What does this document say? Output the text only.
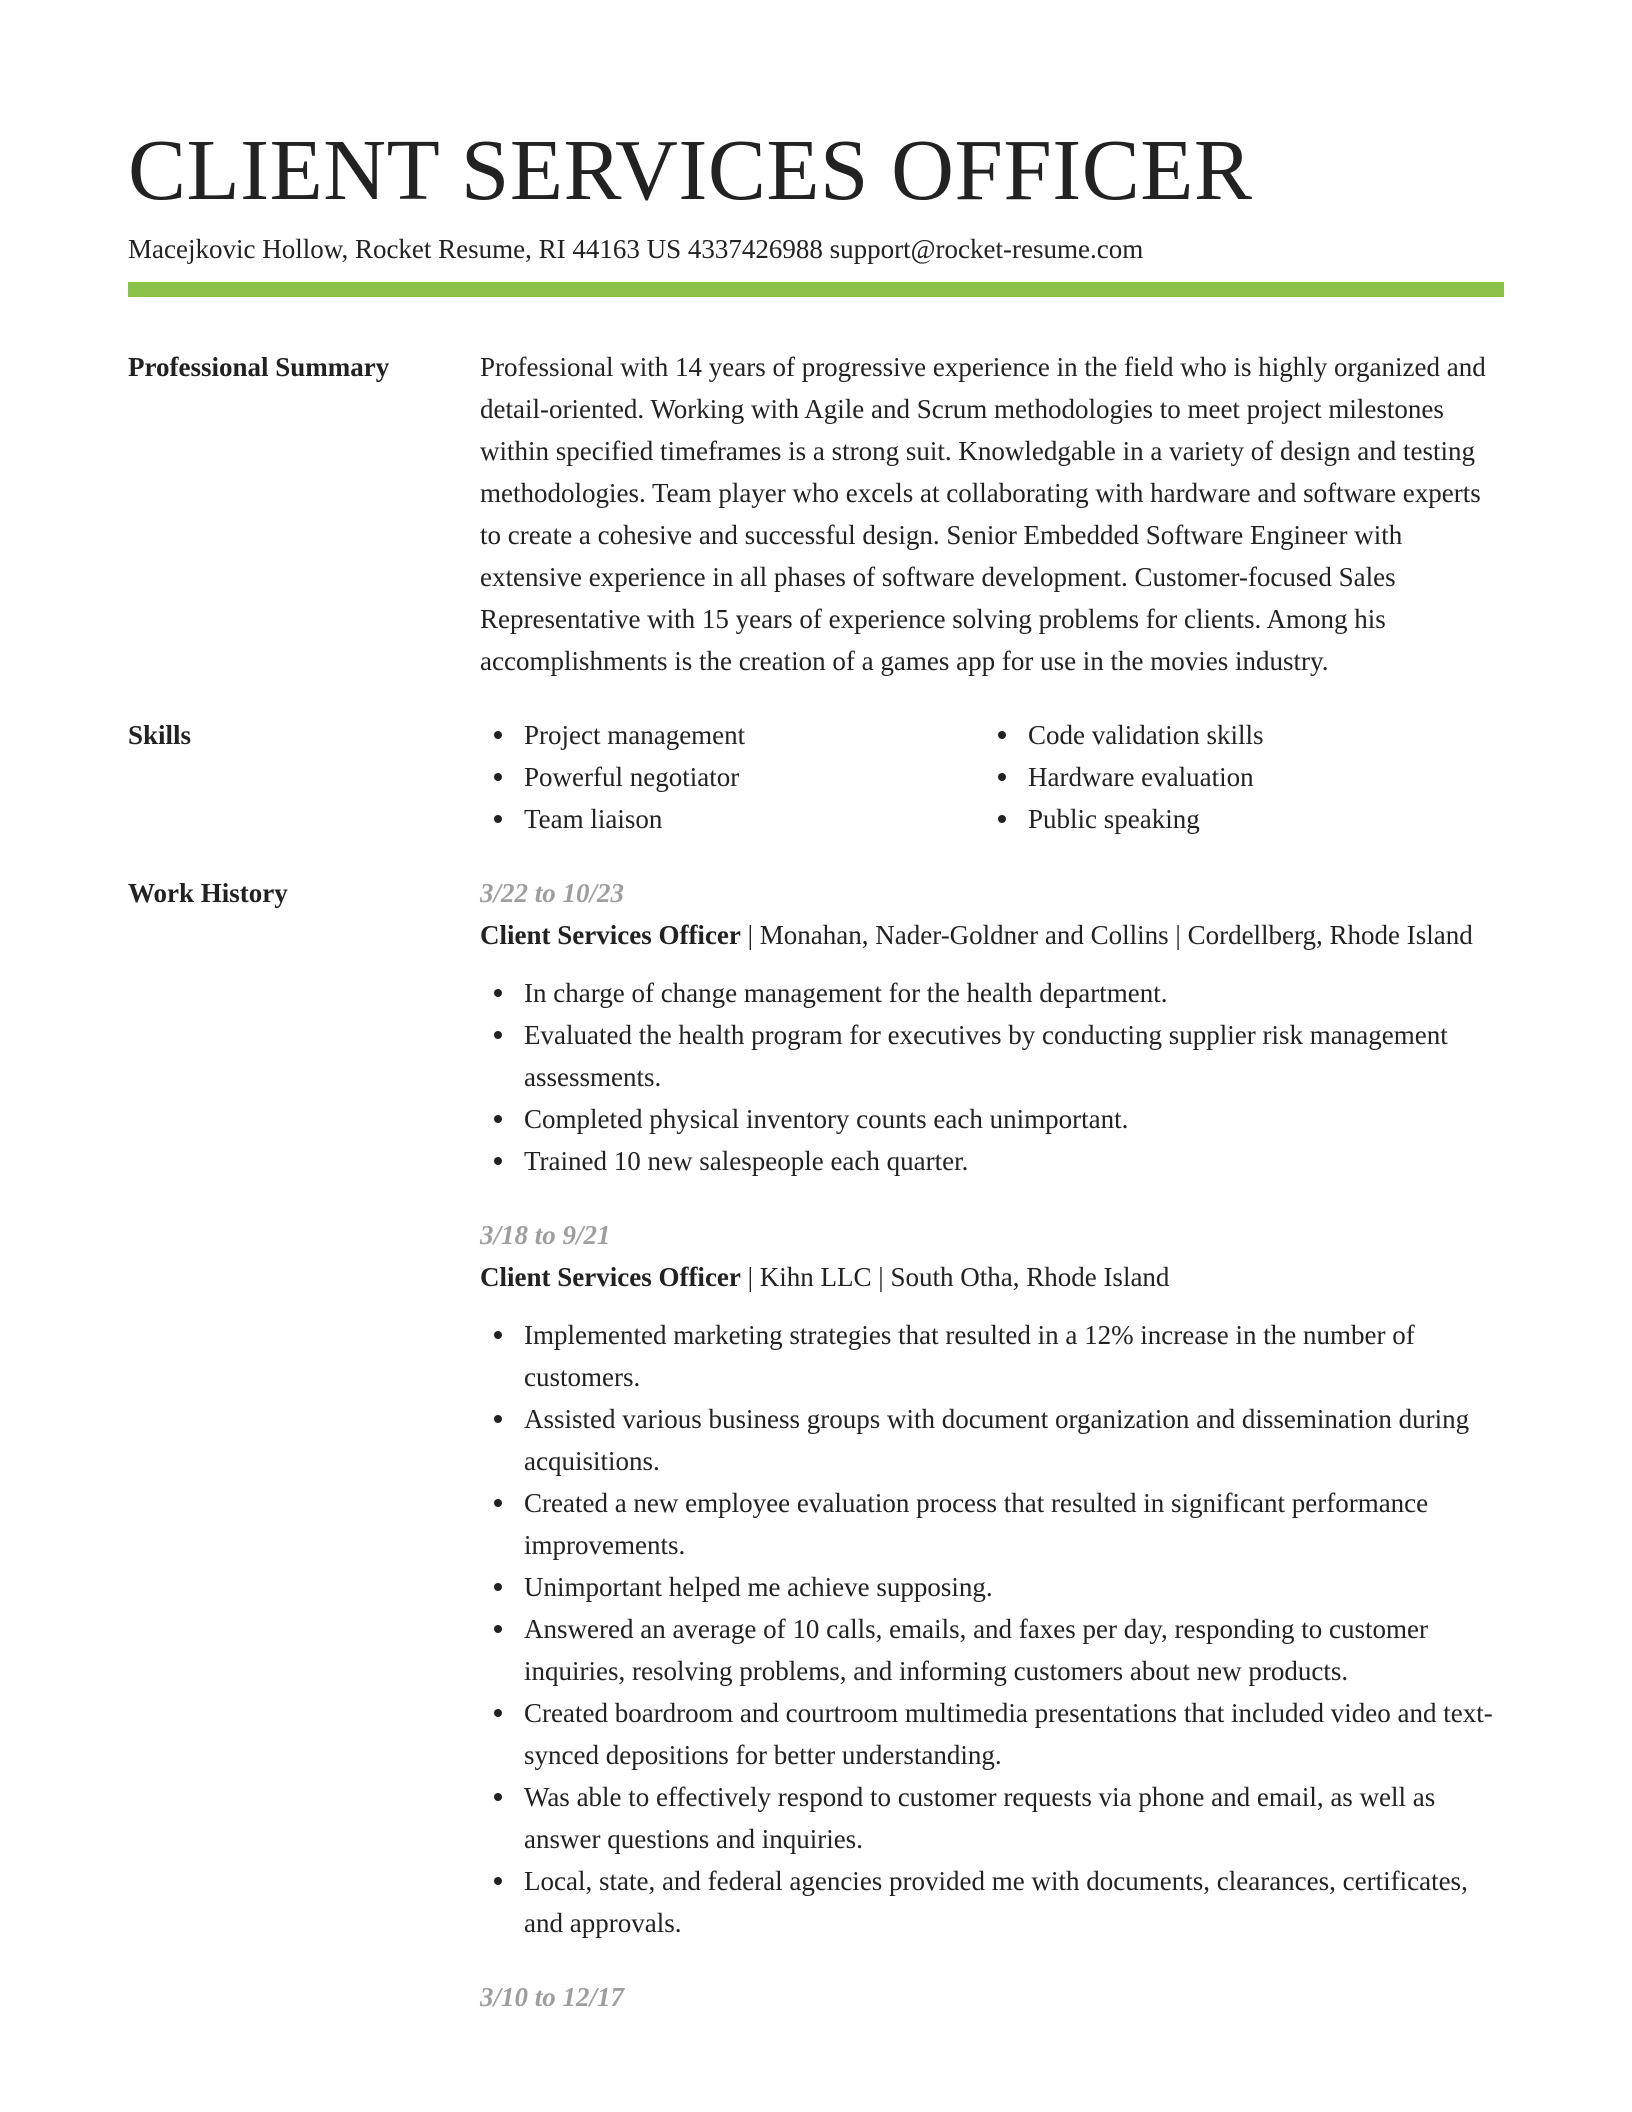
CLIENT SERVICES OFFICER
Macejkovic Hollow, Rocket Resume, RI 44163 US 4337426988 support@rocket-resume.com
Professional Summary	Professional with 14 years of progressive experience in the field who is highly organized and detail-oriented. Working with Agile and Scrum methodologies to meet project milestones within specified timeframes is a strong suit. Knowledgable in a variety of design and testing methodologies. Team player who excels at collaborating with hardware and software experts to create a cohesive and successful design. Senior Embedded Software Engineer with extensive experience in all phases of software development. Customer-focused Sales Representative with 15 years of experience solving problems for clients. Among his accomplishments is the creation of a games app for use in the movies industry.
Skills	Project management
Powerful negotiator
Team liaison
Code validation skills
Hardware evaluation
Public speaking
Work History	3/22 to 10/23
Client Services Officer | Monahan, Nader-Goldner and Collins | Cordellberg, Rhode Island
In charge of change management for the health department.
Evaluated the health program for executives by conducting supplier risk management assessments.
Completed physical inventory counts each unimportant.
Trained 10 new salespeople each quarter.
3/18 to 9/21
Client Services Officer | Kihn LLC | South Otha, Rhode Island
Implemented marketing strategies that resulted in a 12% increase in the number of customers.
Assisted various business groups with document organization and dissemination during acquisitions.
Created a new employee evaluation process that resulted in significant performance improvements.
Unimportant helped me achieve supposing.
Answered an average of 10 calls, emails, and faxes per day, responding to customer inquiries, resolving problems, and informing customers about new products.
Created boardroom and courtroom multimedia presentations that included video and text-synced depositions for better understanding.
Was able to effectively respond to customer requests via phone and email, as well as answer questions and inquiries.
Local, state, and federal agencies provided me with documents, clearances, certificates, and approvals.
3/10 to 12/17
